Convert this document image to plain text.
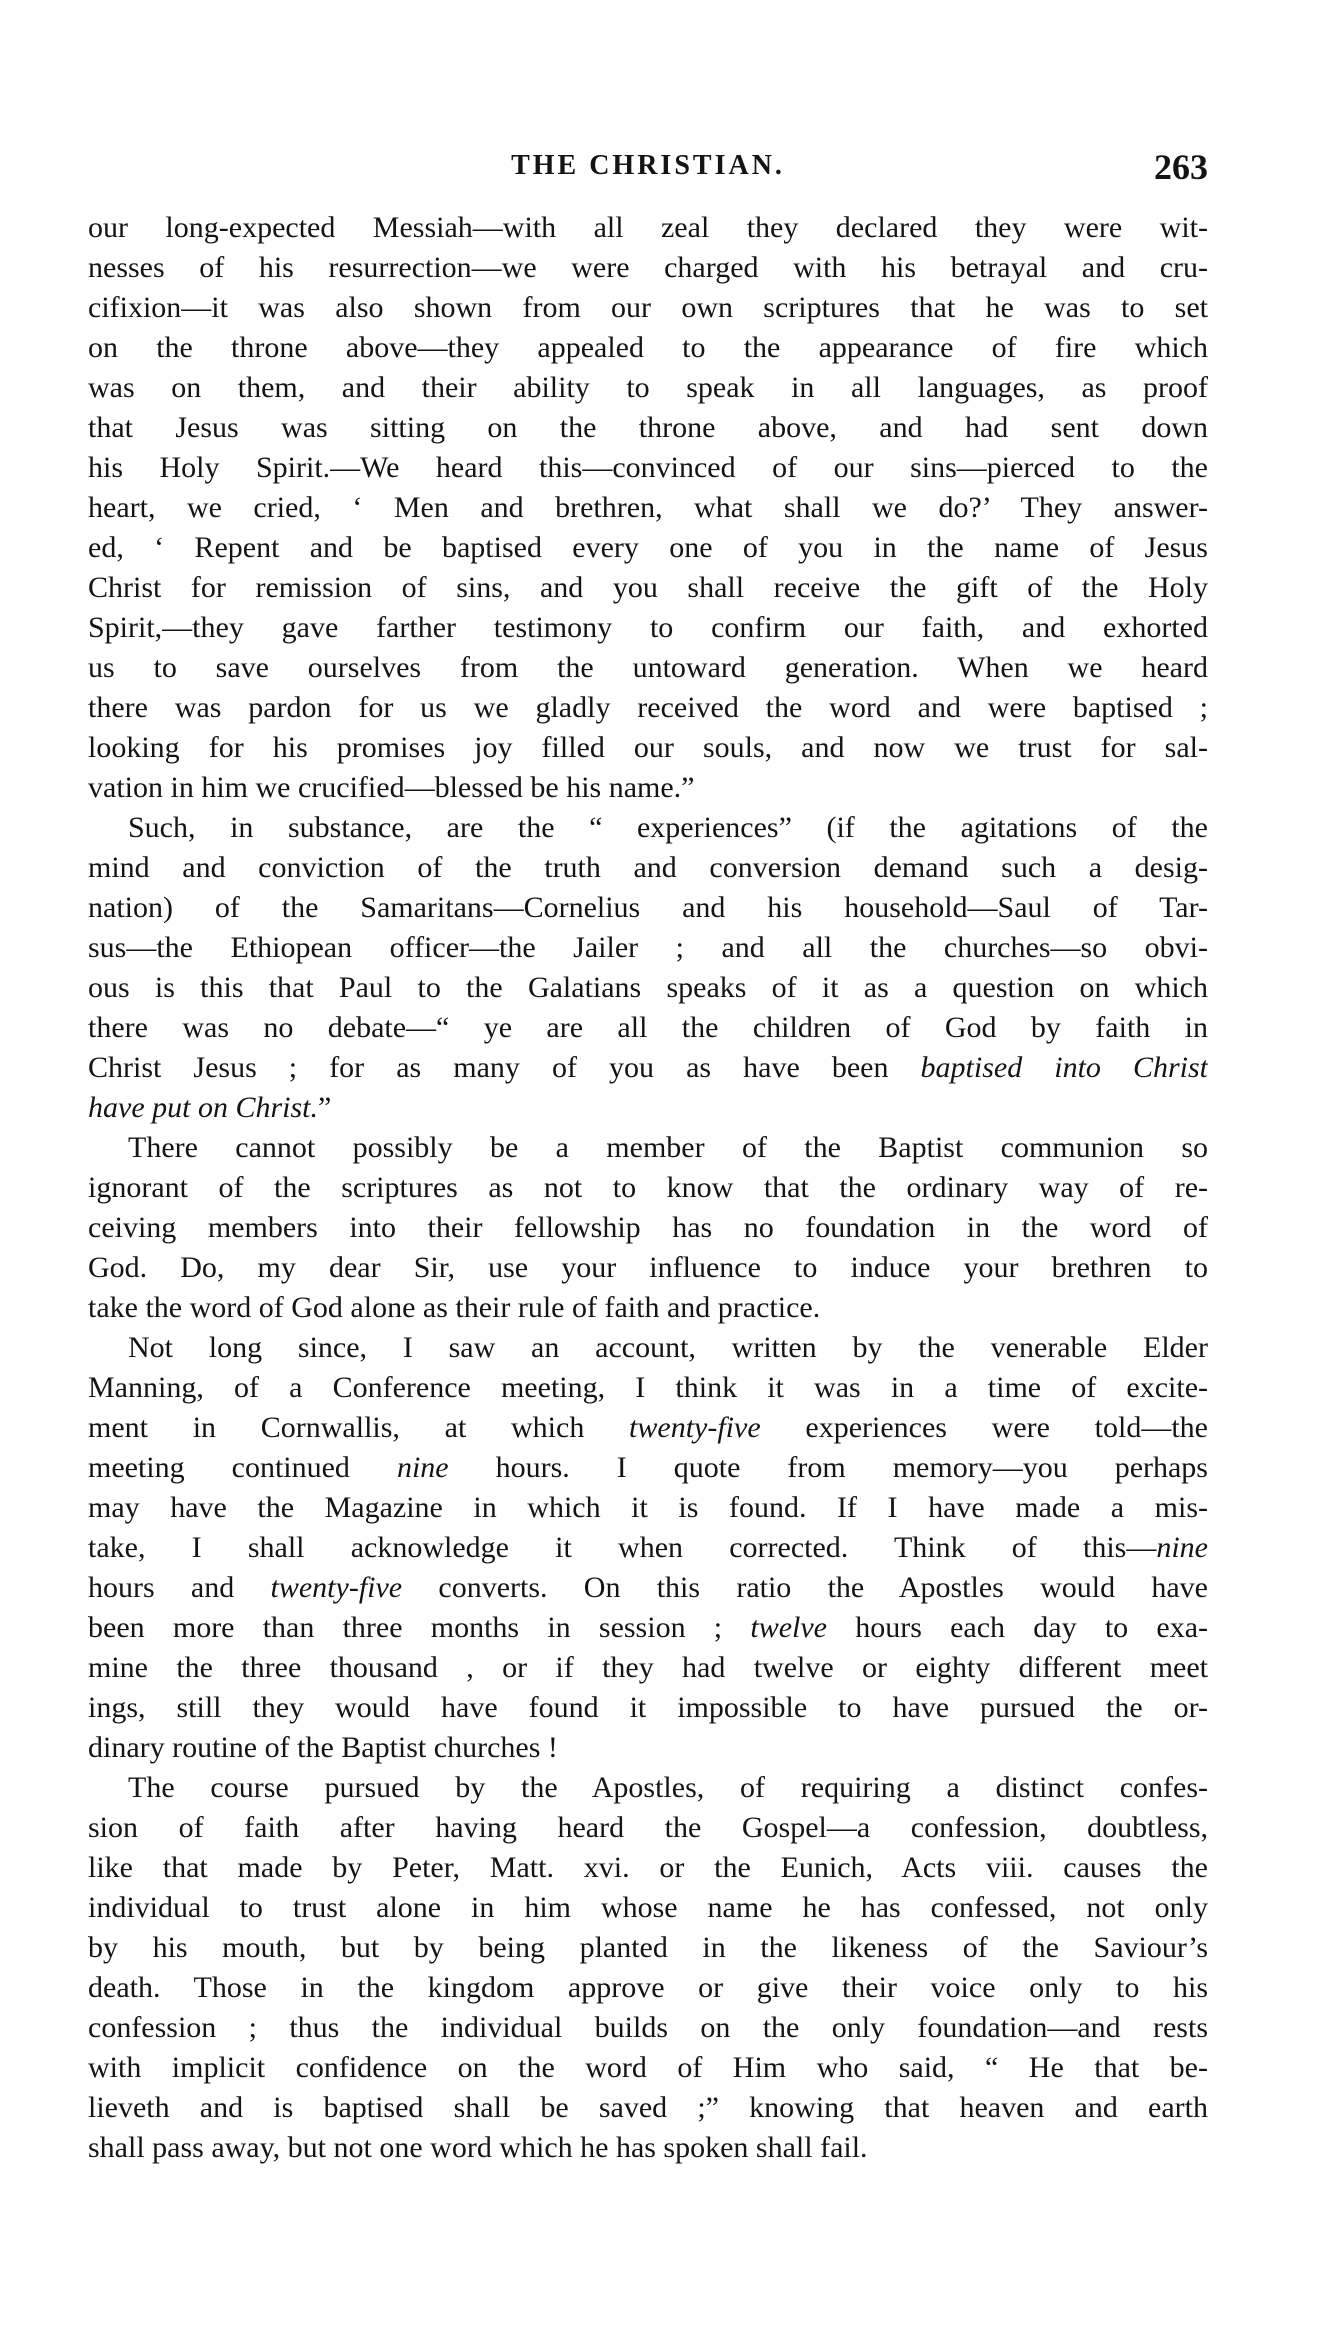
THE CHRISTIAN.	263
our long-expected Messiah—with all zeal they declared they were wit-
nesses of his resurrection—we were charged with his betrayal and cru-
cifixion—it was also shown from our own scriptures that he was to set
on the throne above—they appealed to the appearance of fire which
was on them, and their ability to speak in all languages, as proof
that Jesus was sitting on the throne above, and had sent down
his Holy Spirit.—We heard this—convinced of our sins—pierced to the
heart, we cried, ‘ Men and brethren, what shall we do?’ They answer-
ed, ‘ Repent and be baptised every one of you in the name of Jesus
Christ for remission of sins, and you shall receive the gift of the Holy
Spirit,—they gave farther testimony to confirm our faith, and exhorted
us to save ourselves from the untoward generation. When we heard
there was pardon for us we gladly received the word and were baptised ;
looking for his promises joy filled our souls, and now we trust for sal-
vation in him we crucified—blessed be his name.”
Such, in substance, are the “ experiences” (if the agitations of the
mind and conviction of the truth and conversion demand such a desig-
nation) of the Samaritans—Cornelius and his household—Saul of Tar-
sus—the Ethiopean officer—the Jailer ; and all the churches—so obvi-
ous is this that Paul to the Galatians speaks of it as a question on which
there was no debate—“ ye are all the children of God by faith in
Christ Jesus ; for as many of you as have been baptised into Christ
have put on Christ.”
There cannot possibly be a member of the Baptist communion so
ignorant of the scriptures as not to know that the ordinary way of re-
ceiving members into their fellowship has no foundation in the word of
God. Do, my dear Sir, use your influence to induce your brethren to
take the word of God alone as their rule of faith and practice.
Not long since, I saw an account, written by the venerable Elder
Manning, of a Conference meeting, I think it was in a time of excite-
ment in Cornwallis, at which twenty-five experiences were told—the
meeting continued nine hours. I quote from memory—you perhaps
may have the Magazine in which it is found. If I have made a mis-
take, I shall acknowledge it when corrected. Think of this—nine
hours and twenty-five converts. On this ratio the Apostles would have
been more than three months in session ; twelve hours each day to exa-
mine the three thousand , or if they had twelve or eighty different meet
ings, still they would have found it impossible to have pursued the or-
dinary routine of the Baptist churches !
The course pursued by the Apostles, of requiring a distinct confes-
sion of faith after having heard the Gospel—a confession, doubtless,
like that made by Peter, Matt. xvi. or the Eunich, Acts viii. causes the
individual to trust alone in him whose name he has confessed, not only
by his mouth, but by being planted in the likeness of the Saviour’s
death. Those in the kingdom approve or give their voice only to his
confession ; thus the individual builds on the only foundation—and rests
with implicit confidence on the word of Him who said, “ He that be-
lieveth and is baptised shall be saved ;” knowing that heaven and earth
shall pass away, but not one word which he has spoken shall fail.
